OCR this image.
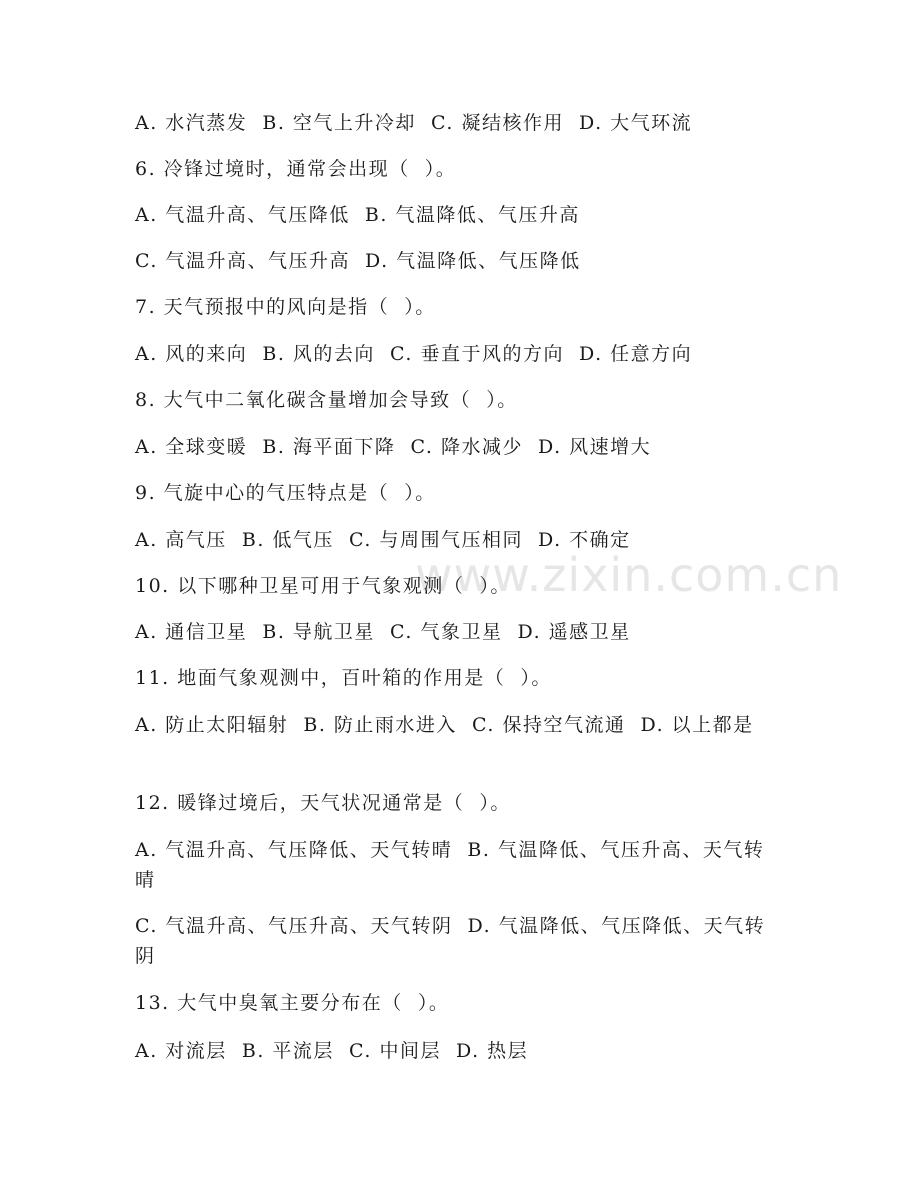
www.zixin.com.cn
A. 水汽蒸发  B. 空气上升冷却  C. 凝结核作用  D. 大气环流
6. 冷锋过境时，通常会出现（  ）。
A. 气温升高、气压降低  B. 气温降低、气压升高
C. 气温升高、气压升高  D. 气温降低、气压降低
7. 天气预报中的风向是指（  ）。
A. 风的来向  B. 风的去向  C. 垂直于风的方向  D. 任意方向
8. 大气中二氧化碳含量增加会导致（  ）。
A. 全球变暖  B. 海平面下降  C. 降水减少  D. 风速增大
9. 气旋中心的气压特点是（  ）。
A. 高气压  B. 低气压  C. 与周围气压相同  D. 不确定
10. 以下哪种卫星可用于气象观测（  ）。
A. 通信卫星  B. 导航卫星  C. 气象卫星  D. 遥感卫星
11. 地面气象观测中，百叶箱的作用是（  ）。
A. 防止太阳辐射  B. 防止雨水进入  C. 保持空气流通  D. 以上都是
12. 暖锋过境后，天气状况通常是（  ）。
A. 气温升高、气压降低、天气转晴  B. 气温降低、气压升高、天气转晴
C. 气温升高、气压升高、天气转阴  D. 气温降低、气压降低、天气转阴
13. 大气中臭氧主要分布在（  ）。
A. 对流层  B. 平流层  C. 中间层  D. 热层
